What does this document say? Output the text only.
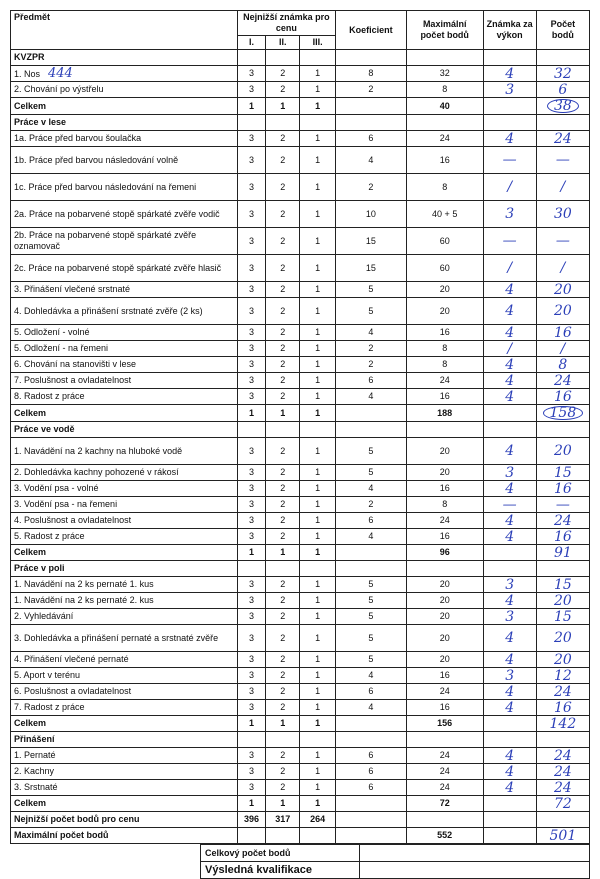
Předmět	Nejnižší známka pro cenu			Koeficient	Maximální počet bodů	Známka za výkon	Počet bodů
	I.	II.	III.				
KVZPR							
1. Nos 444	3	2	1	8	32	4	32
2. Chování po výstřelu	3	2	1	2	8	3	6
Celkem	1	1	1		40		38
Práce v lese							
1a. Práce před barvou šoulačka	3	2	1	6	24	4	24
1b. Práce před barvou následování volně	3	2	1	4	16	—	—
1c. Práce před barvou následování na řemeni	3	2	1	2	8	/	/
2a. Práce na pobarvené stopě spárkaté zvěře vodič	3	2	1	10	40 + 5	3	30
2b. Práce na pobarvené stopě spárkaté zvěře oznamovač	3	2	1	15	60	—	—
2c. Práce na pobarvené stopě spárkaté zvěře hlasič	3	2	1	15	60	/	/
3. Přinášení vlečené srstnaté	3	2	1	5	20	4	20
4. Dohledávka a přinášení srstnaté zvěře (2 ks)	3	2	1	5	20	4	20
5. Odložení - volné	3	2	1	4	16	4	16
5. Odložení - na řemeni	3	2	1	2	8	/	/
6. Chování na stanovišti v lese	3	2	1	2	8	4	8
7. Poslušnost a ovladatelnost	3	2	1	6	24	4	24
8. Radost z práce	3	2	1	4	16	4	16
Celkem	1	1	1		188		158
Práce ve vodě							
1. Navádění na 2 kachny na hluboké vodě	3	2	1	5	20	4	20
2. Dohledávka kachny pohozené v rákosí	3	2	1	5	20	3	15
3. Vodění psa - volné	3	2	1	4	16	4	16
3. Vodění psa - na řemeni	3	2	1	2	8	—	—
4. Poslušnost a ovladatelnost	3	2	1	6	24	4	24
5. Radost z práce	3	2	1	4	16	4	16
Celkem	1	1	1		96		91
Práce v poli							
1. Navádění na 2 ks pernaté 1. kus	3	2	1	5	20	3	15
1. Navádění na 2 ks pernaté 2. kus	3	2	1	5	20	4	20
2. Vyhledávání	3	2	1	5	20	3	15
3. Dohledávka a přinášení pernaté a srstnaté zvěře	3	2	1	5	20	4	20
4. Přinášení vlečené pernaté	3	2	1	5	20	4	20
5. Aport v terénu	3	2	1	4	16	3	12
6. Poslušnost a ovladatelnost	3	2	1	6	24	4	24
7. Radost z práce	3	2	1	4	16	4	16
Celkem	1	1	1		156		142
Přinášení							
1. Pernaté	3	2	1	6	24	4	24
2. Kachny	3	2	1	6	24	4	24
3. Srstnaté	3	2	1	6	24	4	24
Celkem	1	1	1		72		72
Nejnižší počet bodů pro cenu	396	317	264				
Maximální počet bodů					552		501
Celkový počet bodů	
Výsledná kvalifikace	
